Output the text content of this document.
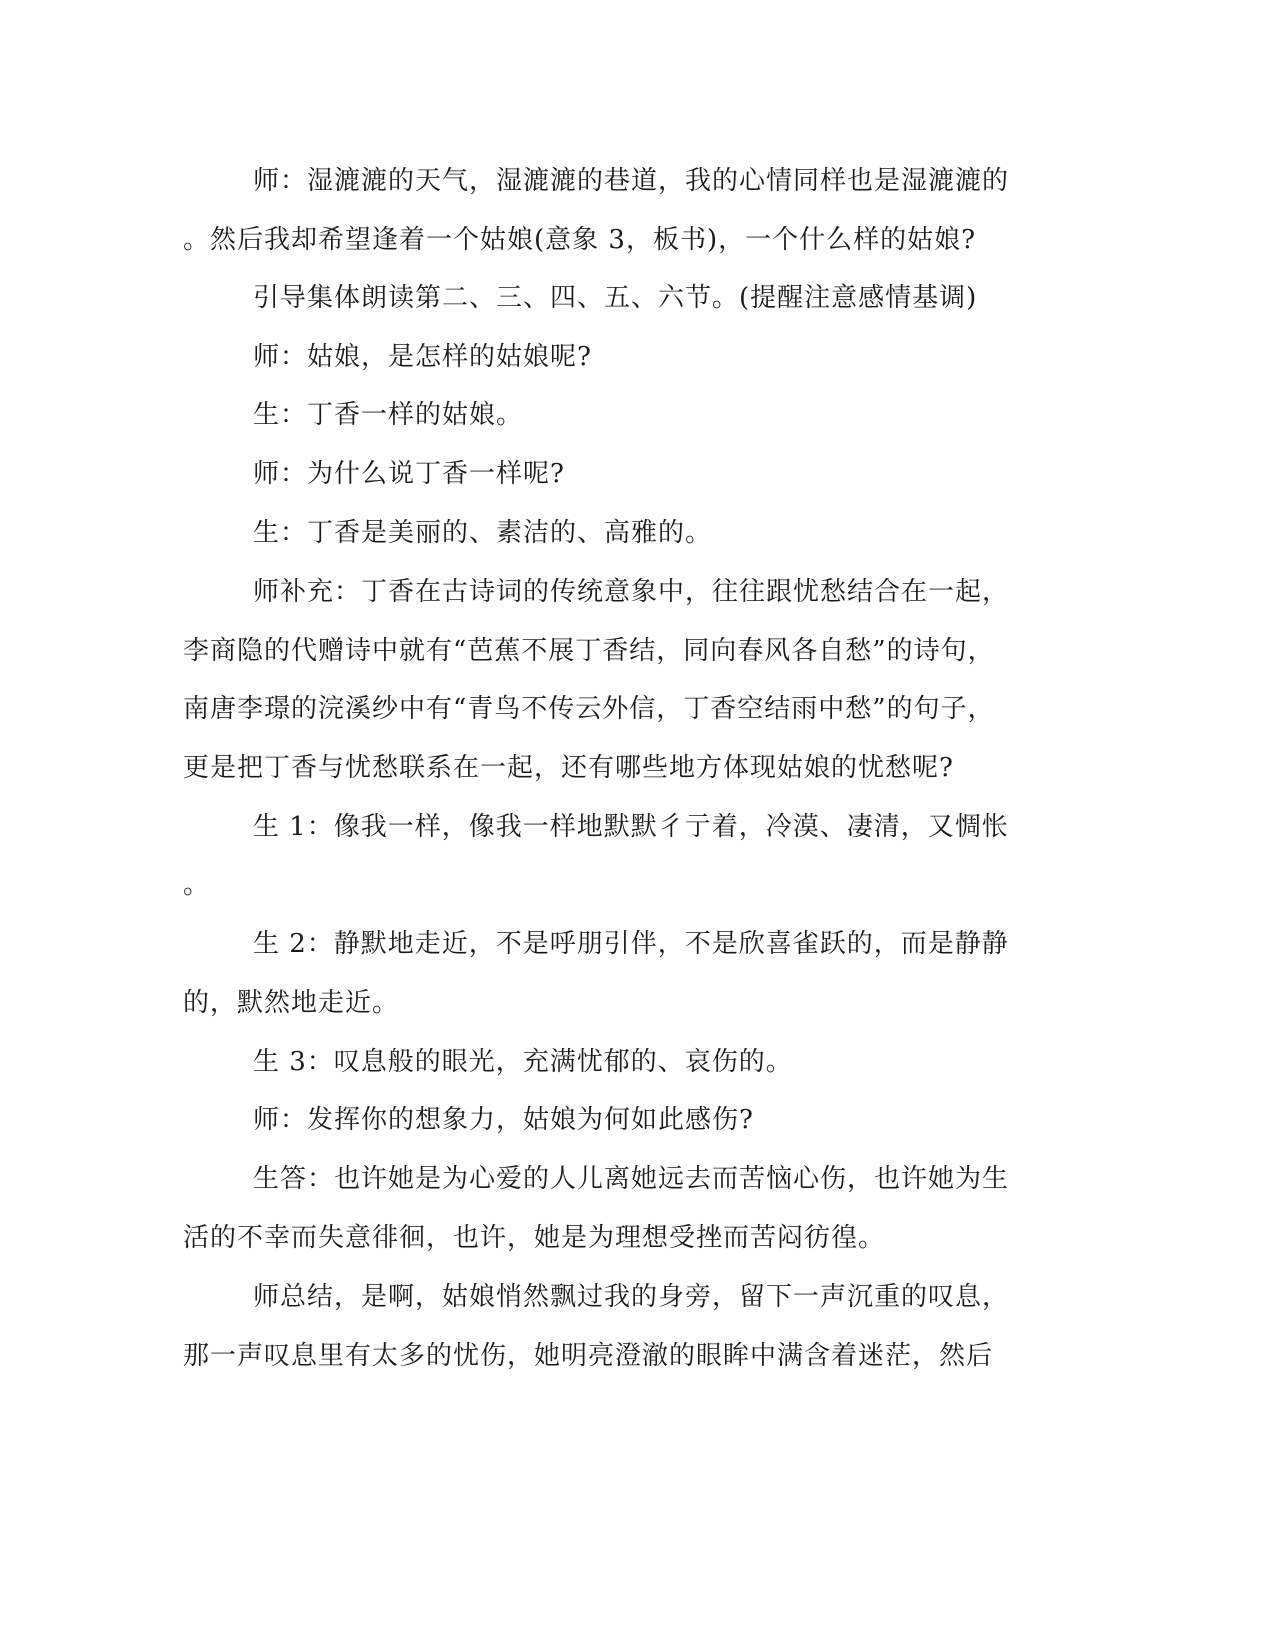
师：湿漉漉的天气，湿漉漉的巷道，我的心情同样也是湿漉漉的
。然后我却希望逢着一个姑娘(意象 3，板书)，一个什么样的姑娘?
引导集体朗读第二、三、四、五、六节。(提醒注意感情基调)
师：姑娘，是怎样的姑娘呢?
生：丁香一样的姑娘。
师：为什么说丁香一样呢?
生：丁香是美丽的、素洁的、高雅的。
师补充：丁香在古诗词的传统意象中，往往跟忧愁结合在一起，
李商隐的代赠诗中就有“芭蕉不展丁香结，同向春风各自愁”的诗句，
南唐李璟的浣溪纱中有“青鸟不传云外信，丁香空结雨中愁”的句子，
更是把丁香与忧愁联系在一起，还有哪些地方体现姑娘的忧愁呢?
生 1：像我一样，像我一样地默默彳亍着，冷漠、凄清，又惆怅
。
生 2：静默地走近，不是呼朋引伴，不是欣喜雀跃的，而是静静
的，默然地走近。
生 3：叹息般的眼光，充满忧郁的、哀伤的。
师：发挥你的想象力，姑娘为何如此感伤?
生答：也许她是为心爱的人儿离她远去而苦恼心伤，也许她为生
活的不幸而失意徘徊，也许，她是为理想受挫而苦闷彷徨。
师总结，是啊，姑娘悄然飘过我的身旁，留下一声沉重的叹息，
那一声叹息里有太多的忧伤，她明亮澄澈的眼眸中满含着迷茫，然后
